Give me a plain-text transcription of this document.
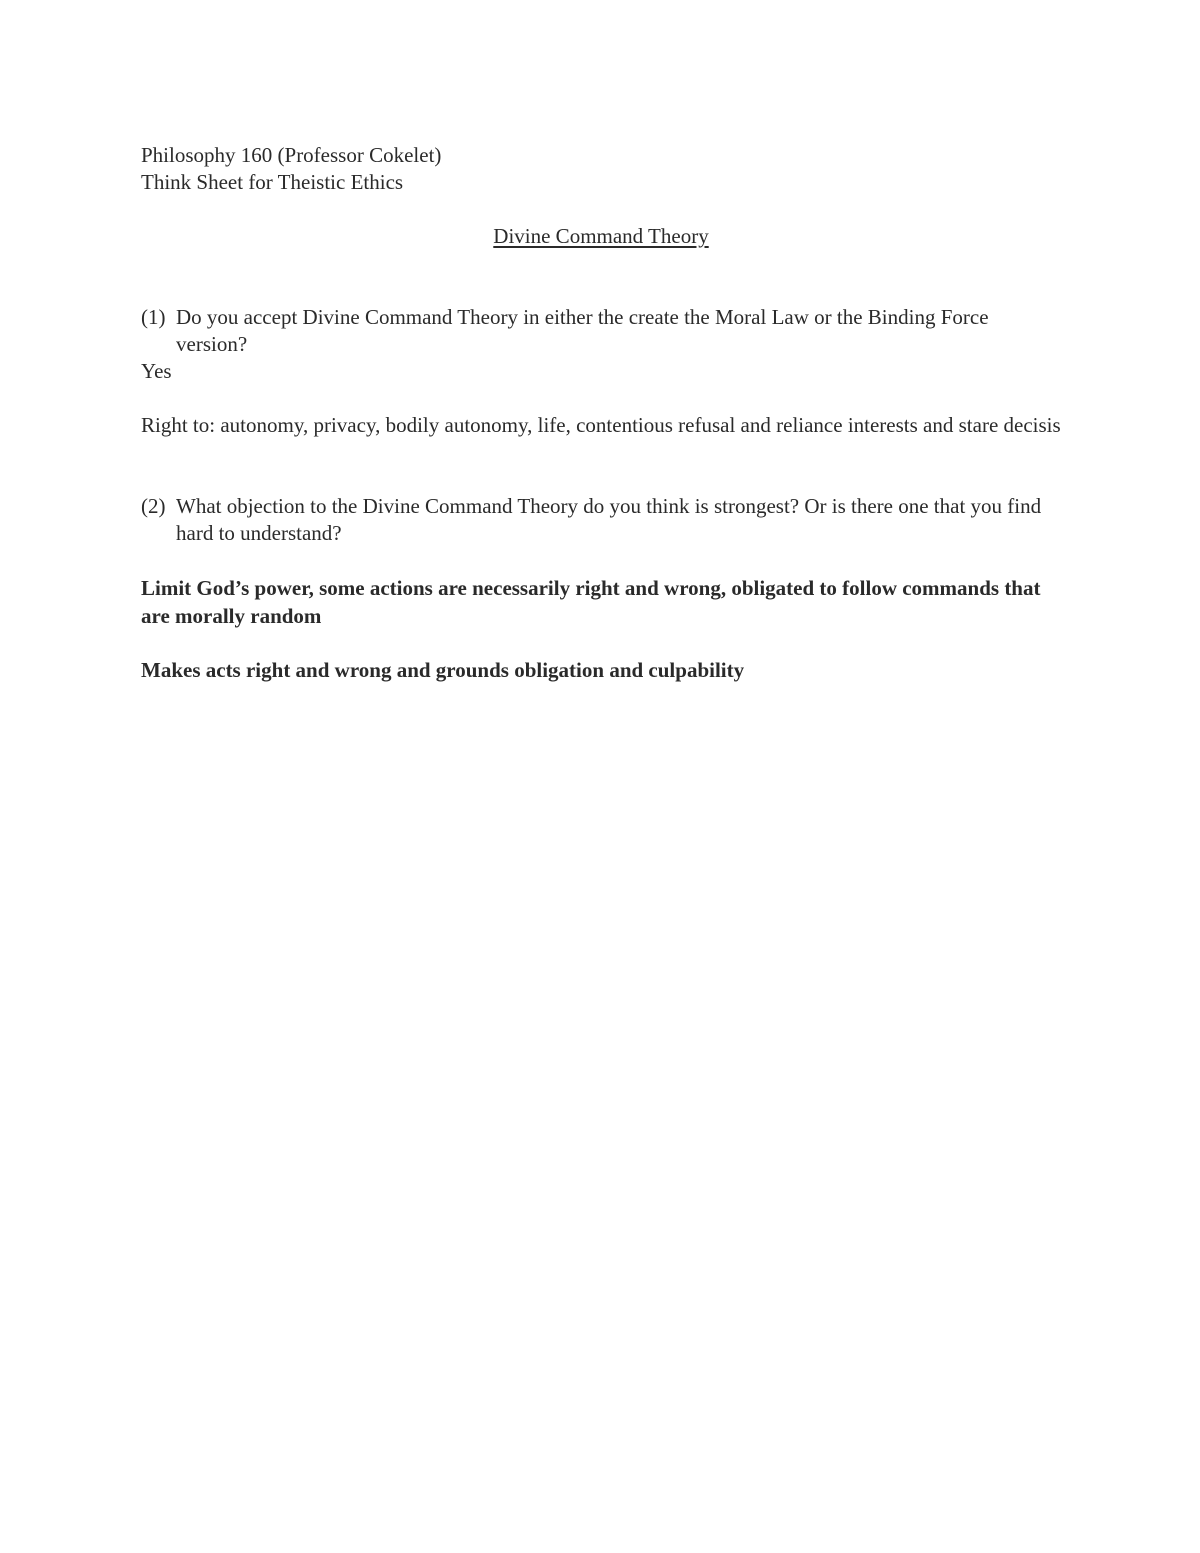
Philosophy 160 (Professor Cokelet)

Think Sheet for Theistic Ethics

Divine Command Theory

(1) Do you accept Divine Command Theory in either the create the Moral Law or the Binding Force version?

Yes

Right to: autonomy, privacy, bodily autonomy, life, contentious refusal and reliance interests and stare decisis

(2) What objection to the Divine Command Theory do you think is strongest? Or is there one that you find hard to understand?

Limit God’s power, some actions are necessarily right and wrong, obligated to follow commands that are morally random

Makes acts right and wrong and grounds obligation and culpability
